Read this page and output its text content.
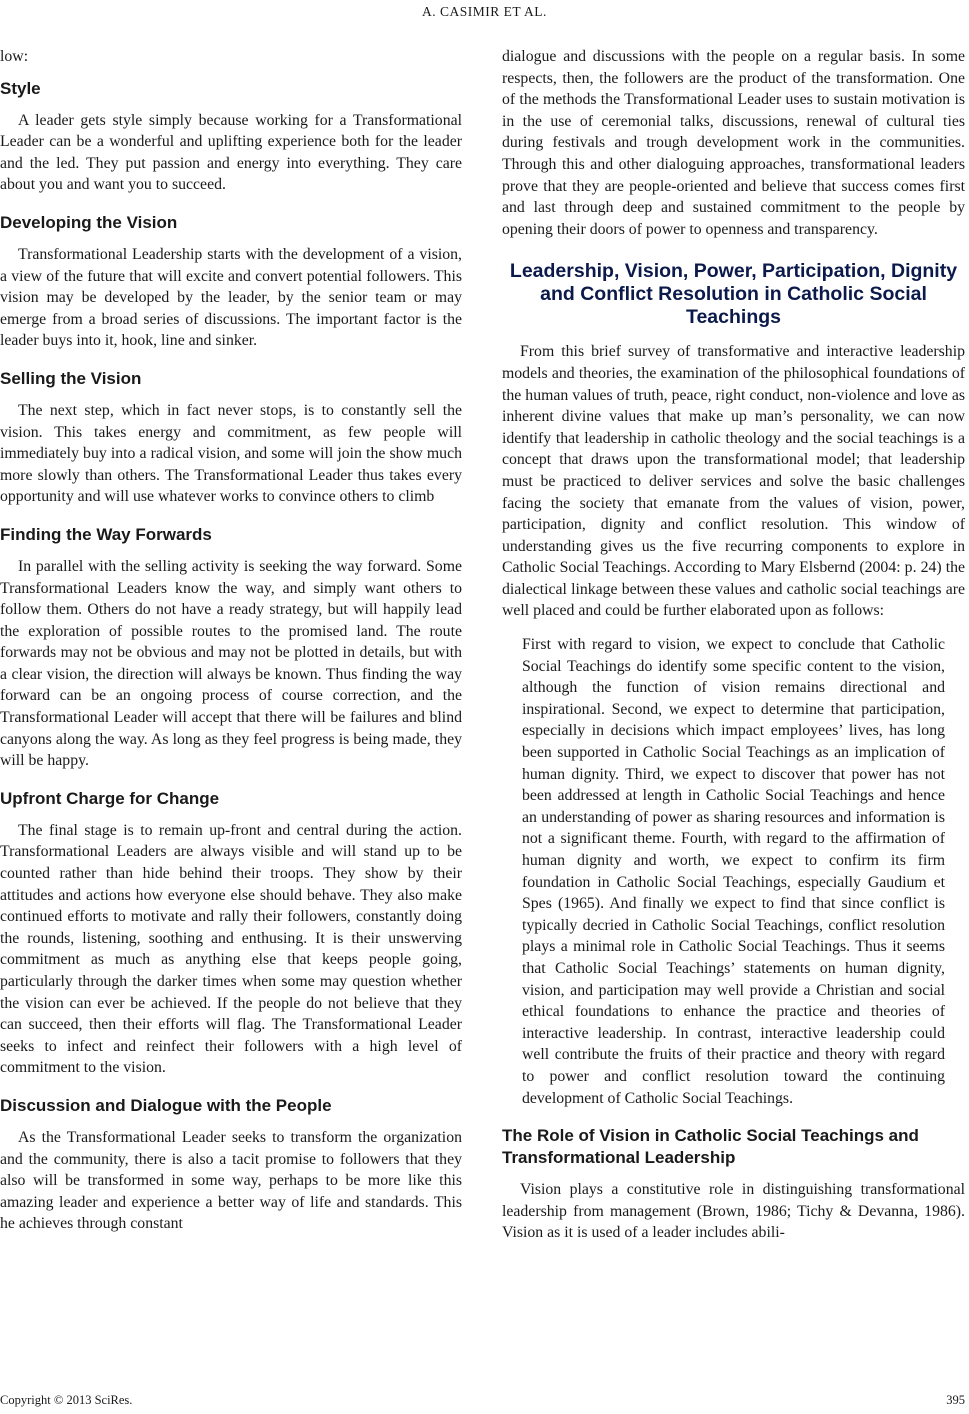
A. CASIMIR ET AL.

low:

Style

A leader gets style simply because working for a Transformational Leader can be a wonderful and uplifting experience both for the leader and the led. They put passion and energy into everything. They care about you and want you to succeed.

Developing the Vision

Transformational Leadership starts with the development of a vision, a view of the future that will excite and convert potential followers. This vision may be developed by the leader, by the senior team or may emerge from a broad series of discussions. The important factor is the leader buys into it, hook, line and sinker.

Selling the Vision

The next step, which in fact never stops, is to constantly sell the vision. This takes energy and commitment, as few people will immediately buy into a radical vision, and some will join the show much more slowly than others. The Transformational Leader thus takes every opportunity and will use whatever works to convince others to climb

Finding the Way Forwards

In parallel with the selling activity is seeking the way forward. Some Transformational Leaders know the way, and simply want others to follow them. Others do not have a ready strategy, but will happily lead the exploration of possible routes to the promised land. The route forwards may not be obvious and may not be plotted in details, but with a clear vision, the direction will always be known. Thus finding the way forward can be an ongoing process of course correction, and the Transformational Leader will accept that there will be failures and blind canyons along the way. As long as they feel progress is being made, they will be happy.

Upfront Charge for Change

The final stage is to remain up-front and central during the action. Transformational Leaders are always visible and will stand up to be counted rather than hide behind their troops. They show by their attitudes and actions how everyone else should behave. They also make continued efforts to motivate and rally their followers, constantly doing the rounds, listening, soothing and enthusing. It is their unswerving commitment as much as anything else that keeps people going, particularly through the darker times when some may question whether the vision can ever be achieved. If the people do not believe that they can succeed, then their efforts will flag. The Transformational Leader seeks to infect and reinfect their followers with a high level of commitment to the vision.

Discussion and Dialogue with the People

As the Transformational Leader seeks to transform the organization and the community, there is also a tacit promise to followers that they also will be transformed in some way, perhaps to be more like this amazing leader and experience a better way of life and standards. This he achieves through constant

dialogue and discussions with the people on a regular basis. In some respects, then, the followers are the product of the transformation. One of the methods the Transformational Leader uses to sustain motivation is in the use of ceremonial talks, discussions, renewal of cultural ties during festivals and trough development work in the communities. Through this and other dialoguing approaches, transformational leaders prove that they are people-oriented and believe that success comes first and last through deep and sustained commitment to the people by opening their doors of power to openness and transparency.

Leadership, Vision, Power, Participation, Dignity and Conflict Resolution in Catholic Social Teachings

From this brief survey of transformative and interactive leadership models and theories, the examination of the philosophical foundations of the human values of truth, peace, right conduct, non-violence and love as inherent divine values that make up man’s personality, we can now identify that leadership in catholic theology and the social teachings is a concept that draws upon the transformational model; that leadership must be practiced to deliver services and solve the basic challenges facing the society that emanate from the values of vision, power, participation, dignity and conflict resolution. This window of understanding gives us the five recurring components to explore in Catholic Social Teachings. According to Mary Elsbernd (2004: p. 24) the dialectical linkage between these values and catholic social teachings are well placed and could be further elaborated upon as follows:

First with regard to vision, we expect to conclude that Catholic Social Teachings do identify some specific content to the vision, although the function of vision remains directional and inspirational. Second, we expect to determine that participation, especially in decisions which impact employees’ lives, has long been supported in Catholic Social Teachings as an implication of human dignity. Third, we expect to discover that power has not been addressed at length in Catholic Social Teachings and hence an understanding of power as sharing resources and information is not a significant theme. Fourth, with regard to the affirmation of human dignity and worth, we expect to confirm its firm foundation in Catholic Social Teachings, especially Gaudium et Spes (1965). And finally we expect to find that since conflict is typically decried in Catholic Social Teachings, conflict resolution plays a minimal role in Catholic Social Teachings. Thus it seems that Catholic Social Teachings’ statements on human dignity, vision, and participation may well provide a Christian and social ethical foundations to enhance the practice and theories of interactive leadership. In contrast, interactive leadership could well contribute the fruits of their practice and theory with regard to power and conflict resolution toward the continuing development of Catholic Social Teachings.

The Role of Vision in Catholic Social Teachings and Transformational Leadership

Vision plays a constitutive role in distinguishing transformational leadership from management (Brown, 1986; Tichy & Devanna, 1986). Vision as it is used of a leader includes abili-

Copyright © 2013 SciRes.	395
